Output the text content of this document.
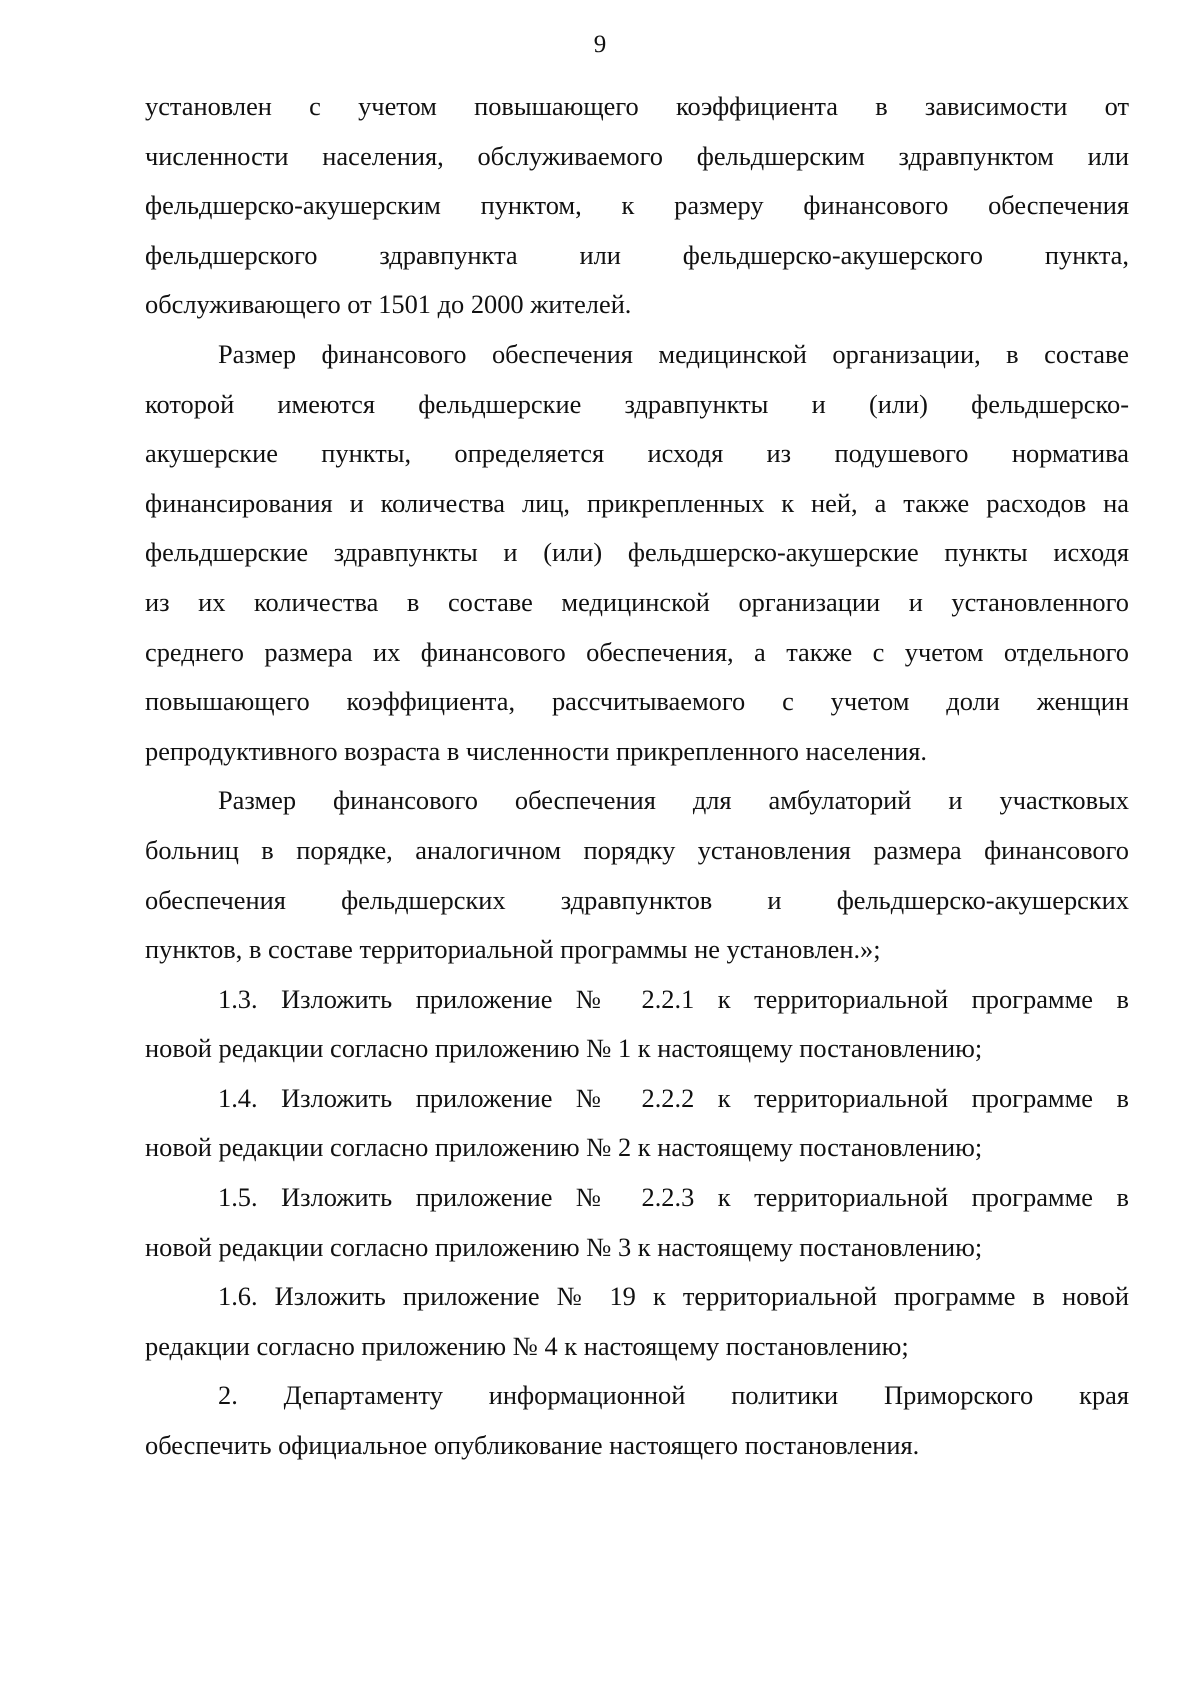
9
установлен с учетом повышающего коэффициента в зависимости от
численности населения, обслуживаемого фельдшерским здравпунктом или
фельдшерско-акушерским пунктом, к размеру финансового обеспечения
фельдшерского здравпункта или фельдшерско-акушерского пункта,
обслуживающего от 1501 до 2000 жителей.
Размер финансового обеспечения медицинской организации, в составе
которой имеются фельдшерские здравпункты и (или) фельдшерско-
акушерские пункты, определяется исходя из подушевого норматива
финансирования и количества лиц, прикрепленных к ней, а также расходов на
фельдшерские здравпункты и (или) фельдшерско-акушерские пункты исходя
из их количества в составе медицинской организации и установленного
среднего размера их финансового обеспечения, а также с учетом отдельного
повышающего коэффициента, рассчитываемого с учетом доли женщин
репродуктивного возраста в численности прикрепленного населения.
Размер финансового обеспечения для амбулаторий и участковых
больниц в порядке, аналогичном порядку установления размера финансового
обеспечения фельдшерских здравпунктов и фельдшерско-акушерских
пунктов, в составе территориальной программы не установлен.»;
1.3. Изложить приложение № 2.2.1 к территориальной программе в
новой редакции согласно приложению № 1 к настоящему постановлению;
1.4. Изложить приложение № 2.2.2 к территориальной программе в
новой редакции согласно приложению № 2 к настоящему постановлению;
1.5. Изложить приложение № 2.2.3 к территориальной программе в
новой редакции согласно приложению № 3 к настоящему постановлению;
1.6. Изложить приложение № 19 к территориальной программе в новой
редакции согласно приложению № 4 к настоящему постановлению;
2. Департаменту информационной политики Приморского края
обеспечить официальное опубликование настоящего постановления.
